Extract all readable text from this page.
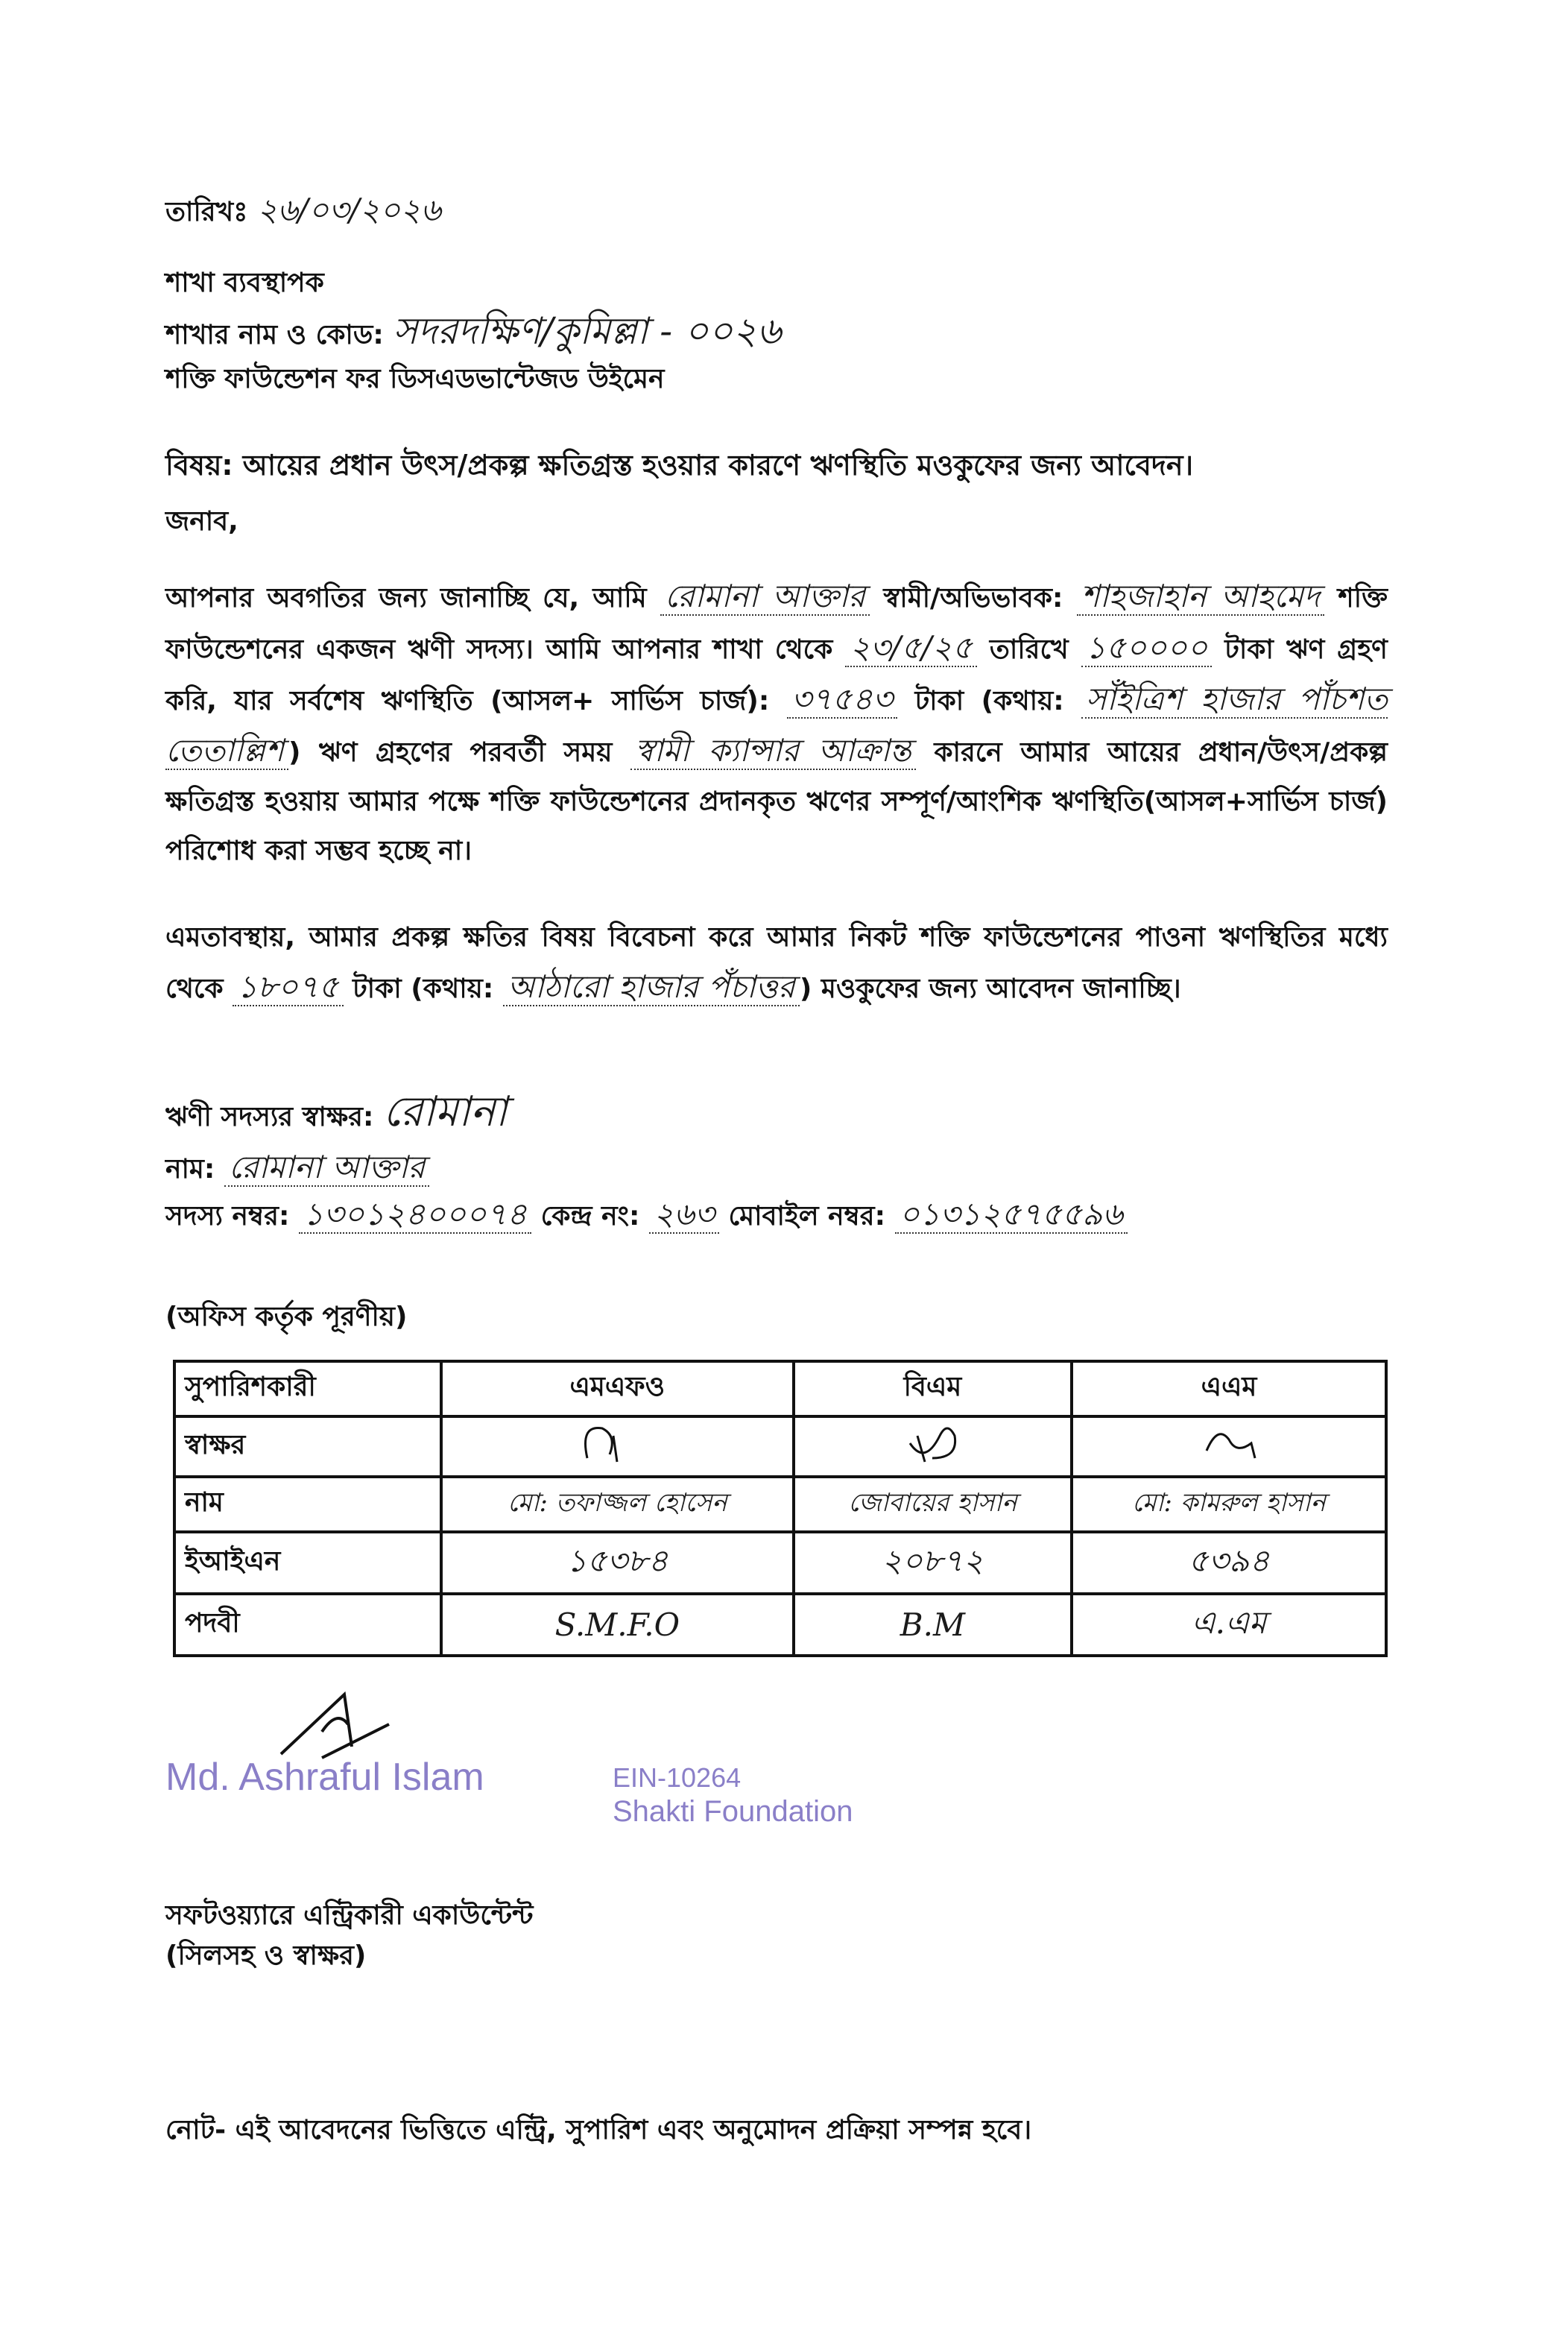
তারিখঃ ২৬/০৩/২০২৬
শাখা ব্যবস্থাপক
শাখার নাম ও কোড: সদরদক্ষিণ/কুমিল্লা - ০০২৬
শক্তি ফাউন্ডেশন ফর ডিসএডভান্টেজড উইমেন
বিষয়: আয়ের প্রধান উৎস/প্রকল্প ক্ষতিগ্রস্ত হওয়ার কারণে ঋণস্থিতি মওকুফের জন্য আবেদন।
জনাব,
আপনার অবগতির জন্য জানাচ্ছি যে, আমি রোমানা আক্তার স্বামী/অভিভাবক: শাহজাহান আহমেদ শক্তি ফাউন্ডেশনের একজন ঋণী সদস্য। আমি আপনার শাখা থেকে ২৩/৫/২৫ তারিখে ১৫০০০০ টাকা ঋণ গ্রহণ করি, যার সর্বশেষ ঋণস্থিতি (আসল+ সার্ভিস চার্জ): ৩৭৫৪৩ টাকা (কথায়: সাঁইত্রিশ হাজার পাঁচশত তেতাল্লিশ ) ঋণ গ্রহণের পরবর্তী সময় স্বামী ক্যান্সার আক্রান্ত কারনে আমার আয়ের প্রধান/উৎস/প্রকল্প ক্ষতিগ্রস্ত হওয়ায় আমার পক্ষে শক্তি ফাউন্ডেশনের প্রদানকৃত ঋণের সম্পূর্ণ/আংশিক ঋণস্থিতি(আসল+সার্ভিস চার্জ) পরিশোধ করা সম্ভব হচ্ছে না।
এমতাবস্থায়, আমার প্রকল্প ক্ষতির বিষয় বিবেচনা করে আমার নিকট শক্তি ফাউন্ডেশনের পাওনা ঋণস্থিতির মধ্যে থেকে ১৮০৭৫ টাকা (কথায়: আঠারো হাজার পঁচাত্তর ) মওকুফের জন্য আবেদন জানাচ্ছি।
ঋণী সদস্যর স্বাক্ষর: রোমানা
নাম: রোমানা আক্তার
সদস্য নম্বর: ১৩০১২৪০০০৭৪ কেন্দ্র নং: ২৬৩ মোবাইল নম্বর: ০১৩১২৫৭৫৫৯৬
(অফিস কর্তৃক পূরণীয়)
সুপারিশকারী	এমএফও	বিএম	এএম
স্বাক্ষর			
নাম	মো: তফাজ্জল হোসেন	জোবায়ের হাসান	মো: কামরুল হাসান
ইআইএন	১৫৩৮৪	২০৮৭২	৫৩৯৪
পদবী	S.M.F.O	B.M	এ.এম
Md. Ashraful Islam	EIN-10264
Shakti Foundation
সফটওয়্যারে এন্ট্রিকারী একাউন্টেন্ট
(সিলসহ ও স্বাক্ষর)
নোট- এই আবেদনের ভিত্তিতে এন্ট্রি, সুপারিশ এবং অনুমোদন প্রক্রিয়া সম্পন্ন হবে।
